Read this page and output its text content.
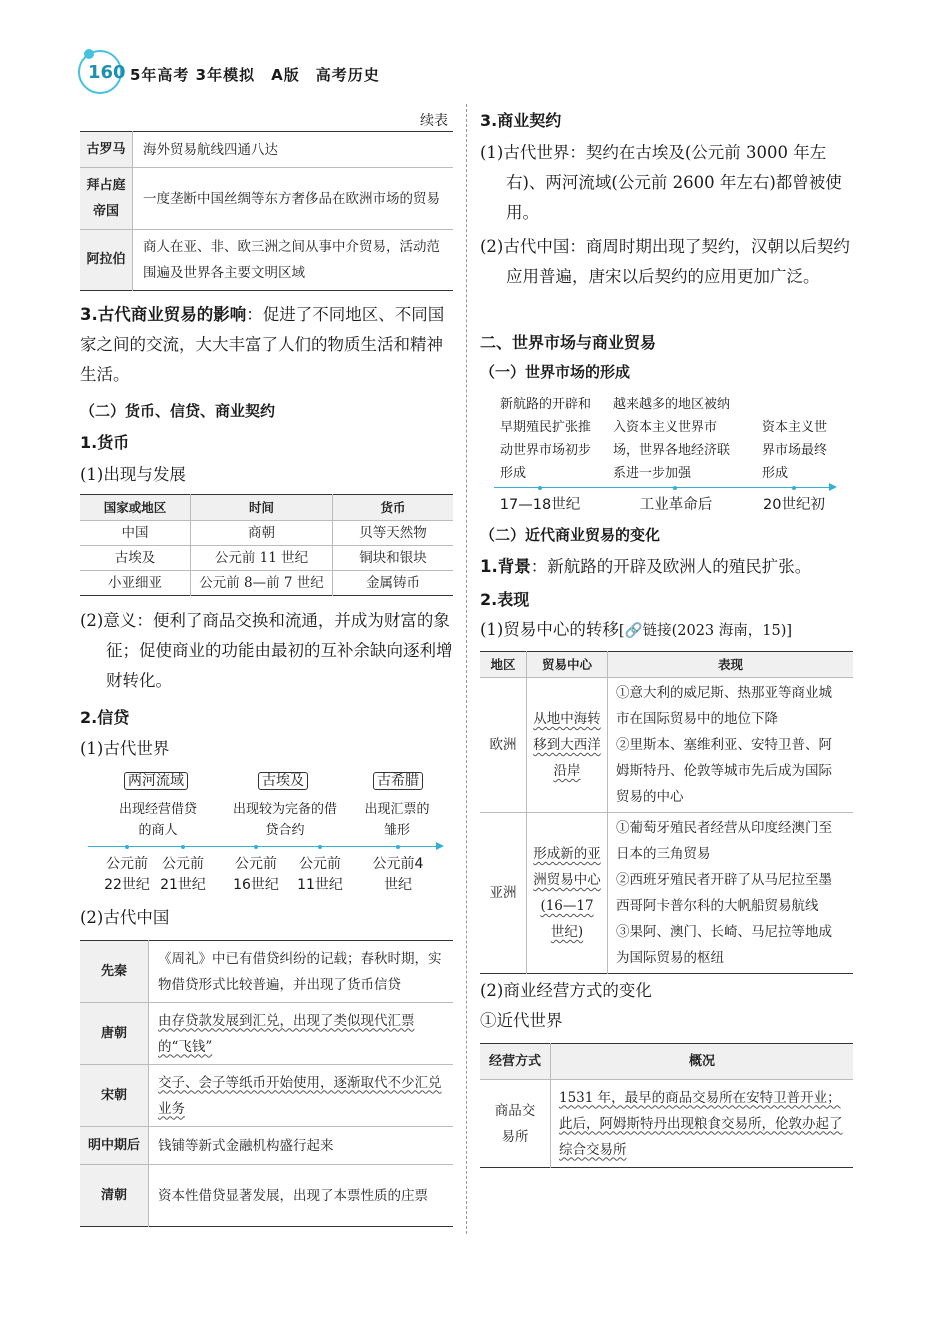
160 5年高考 3年模拟　A版　高考历史
续表
古罗马	海外贸易航线四通八达
拜占庭帝国	一度垄断中国丝绸等东方奢侈品在欧洲市场的贸易
阿拉伯	商人在亚、非、欧三洲之间从事中介贸易，活动范围遍及世界各主要文明区域
3.古代商业贸易的影响：促进了不同地区、不同国家之间的交流，大大丰富了人们的物质生活和精神生活。
（二）货币、信贷、商业契约
1.货币
(1)出现与发展
国家或地区	时间	货币
中国	商朝	贝等天然物
古埃及	公元前 11 世纪	铜块和银块
小亚细亚	公元前 8—前 7 世纪	金属铸币
(2)意义：便利了商品交换和流通，并成为财富的象征；促使商业的功能由最初的互补余缺向逐利增财转化。
2.信贷
(1)古代世界
两河流域	古埃及	古希腊
出现经营借贷的商人
出现较为完备的借贷合约
出现汇票的雏形
公元前22世纪
公元前21世纪
公元前16世纪
公元前11世纪
公元前4世纪
(2)古代中国
先秦	《周礼》中已有借贷纠纷的记载；春秋时期，实物借贷形式比较普遍，并出现了货币信贷
唐朝	由存贷款发展到汇兑，出现了类似现代汇票的“飞钱”
宋朝	交子、会子等纸币开始使用，逐渐取代不少汇兑业务
明中期后	钱铺等新式金融机构盛行起来
清朝	资本性借贷显著发展，出现了本票性质的庄票
3.商业契约
(1)古代世界：契约在古埃及(公元前 3000 年左右)、两河流域(公元前 2600 年左右)都曾被使用。
(2)古代中国：商周时期出现了契约，汉朝以后契约应用普遍，唐宋以后契约的应用更加广泛。
二、世界市场与商业贸易
（一）世界市场的形成
新航路的开辟和早期殖民扩张推动世界市场初步形成
越来越多的地区被纳入资本主义世界市场，世界各地经济联系进一步加强
资本主义世界市场最终形成
17—18世纪	工业革命后	20世纪初
（二）近代商业贸易的变化
1.背景：新航路的开辟及欧洲人的殖民扩张。
2.表现
(1)贸易中心的转移[🔗链接(2023 海南，15)]
地区	贸易中心	表现
欧洲	从地中海转移到大西洋沿岸	①意大利的威尼斯、热那亚等商业城市在国际贸易中的地位下降
②里斯本、塞维利亚、安特卫普、阿姆斯特丹、伦敦等城市先后成为国际贸易的中心

亚洲	形成新的亚洲贸易中心(16—17 世纪)	①葡萄牙殖民者经营从印度经澳门至日本的三角贸易
②西班牙殖民者开辟了从马尼拉至墨西哥阿卡普尔科的大帆船贸易航线
③果阿、澳门、长崎、马尼拉等地成为国际贸易的枢纽
(2)商业经营方式的变化
①近代世界
经营方式	概况
商品交易所	1531 年，最早的商品交易所在安特卫普开业；此后，阿姆斯特丹出现粮食交易所，伦敦办起了综合交易所
